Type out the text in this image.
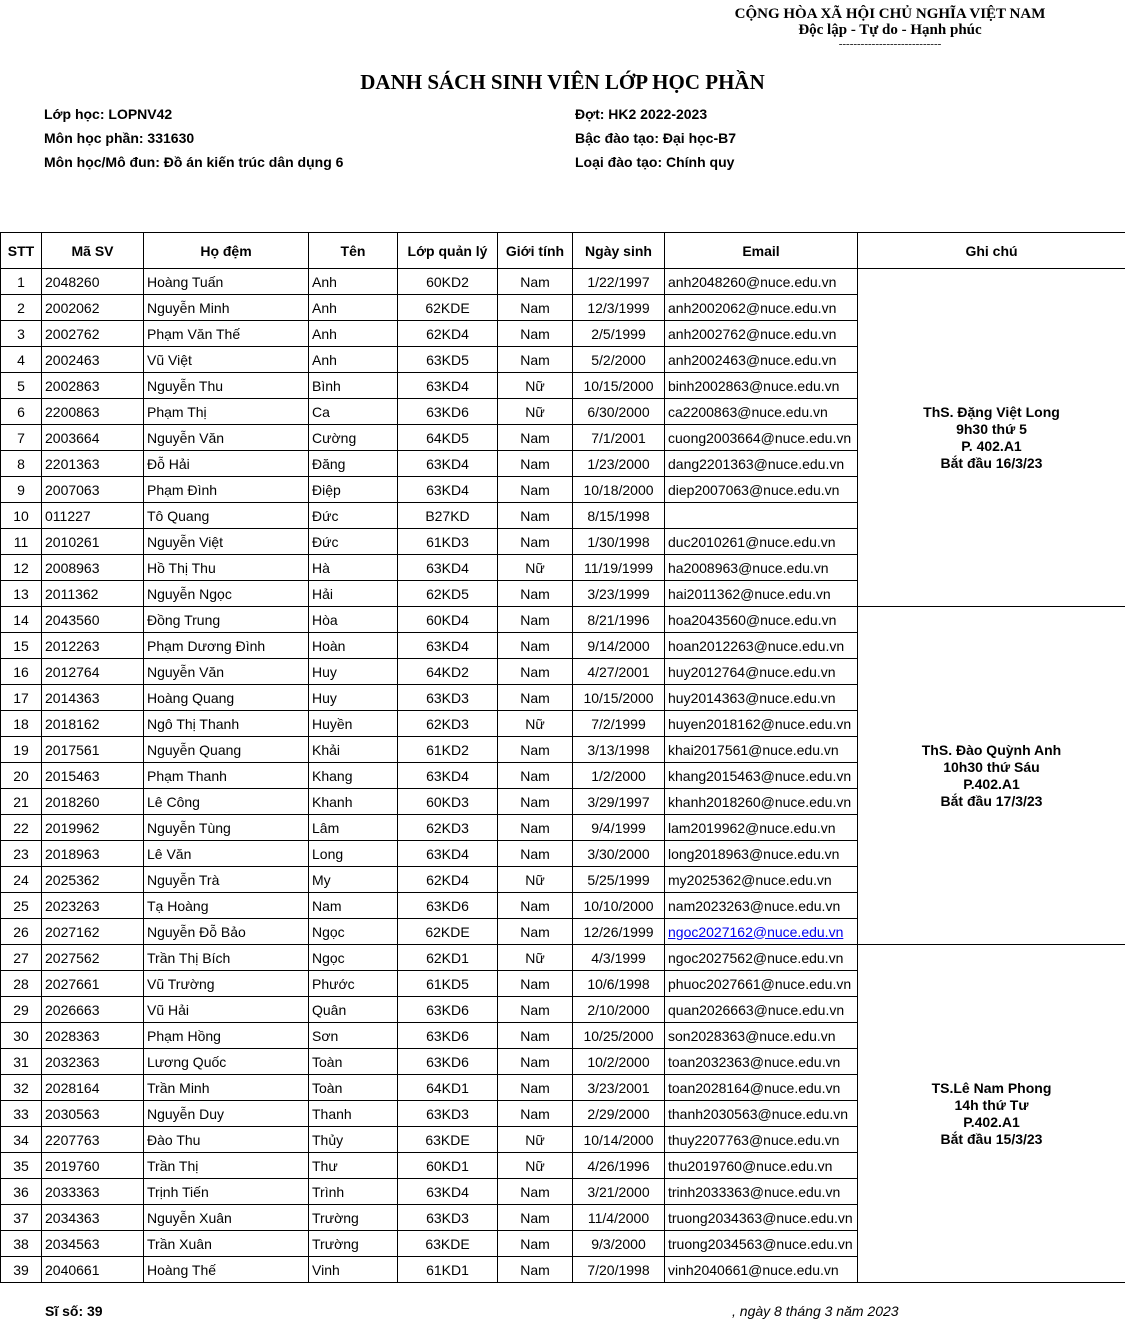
CỘNG HÒA XÃ HỘI CHỦ NGHĨA VIỆT NAM
Độc lập - Tự do - Hạnh phúc
----------------------------
DANH SÁCH SINH VIÊN LỚP HỌC PHẦN
Lớp học: LOPNV42
Môn học phần: 331630
Môn học/Mô đun: Đồ án kiến trúc dân dụng 6
Đợt: HK2 2022-2023
Bậc đào tạo: Đại học-B7
Loại đào tạo: Chính quy
STT	Mã SV	Họ đệm	Tên	Lớp quản lý	Giới tính	Ngày sinh	Email	Ghi chú
1	2048260	Hoàng Tuấn	Anh	60KD2	Nam	1/22/1997	anh2048260@nuce.edu.vn	ThS. Đặng Việt Long
9h30 thứ 5
P. 402.A1
Bắt đầu 16/3/23

2	2002062	Nguyễn Minh	Anh	62KDE	Nam	12/3/1999	anh2002062@nuce.edu.vn	
3	2002762	Phạm Văn Thế	Anh	62KD4	Nam	2/5/1999	anh2002762@nuce.edu.vn	
4	2002463	Vũ Việt	Anh	63KD5	Nam	5/2/2000	anh2002463@nuce.edu.vn	
5	2002863	Nguyễn Thu	Bình	63KD4	Nữ	10/15/2000	binh2002863@nuce.edu.vn	
6	2200863	Phạm Thị	Ca	63KD6	Nữ	6/30/2000	ca2200863@nuce.edu.vn	
7	2003664	Nguyễn Văn	Cường	64KD5	Nam	7/1/2001	cuong2003664@nuce.edu.vn	
8	2201363	Đỗ Hải	Đăng	63KD4	Nam	1/23/2000	dang2201363@nuce.edu.vn	
9	2007063	Phạm Đình	Điệp	63KD4	Nam	10/18/2000	diep2007063@nuce.edu.vn	
10	011227	Tô Quang	Đức	B27KD	Nam	8/15/1998		
11	2010261	Nguyễn Việt	Đức	61KD3	Nam	1/30/1998	duc2010261@nuce.edu.vn	
12	2008963	Hồ Thị Thu	Hà	63KD4	Nữ	11/19/1999	ha2008963@nuce.edu.vn	
13	2011362	Nguyễn Ngọc	Hải	62KD5	Nam	3/23/1999	hai2011362@nuce.edu.vn	
14	2043560	Đồng Trung	Hòa	60KD4	Nam	8/21/1996	hoa2043560@nuce.edu.vn	ThS. Đào Quỳnh Anh
10h30 thứ Sáu
P.402.A1
Bắt đầu 17/3/23

15	2012263	Phạm Dương Đình	Hoàn	63KD4	Nam	9/14/2000	hoan2012263@nuce.edu.vn	
16	2012764	Nguyễn Văn	Huy	64KD2	Nam	4/27/2001	huy2012764@nuce.edu.vn	
17	2014363	Hoàng Quang	Huy	63KD3	Nam	10/15/2000	huy2014363@nuce.edu.vn	
18	2018162	Ngô Thị Thanh	Huyền	62KD3	Nữ	7/2/1999	huyen2018162@nuce.edu.vn	
19	2017561	Nguyễn Quang	Khải	61KD2	Nam	3/13/1998	khai2017561@nuce.edu.vn	
20	2015463	Phạm Thanh	Khang	63KD4	Nam	1/2/2000	khang2015463@nuce.edu.vn	
21	2018260	Lê Công	Khanh	60KD3	Nam	3/29/1997	khanh2018260@nuce.edu.vn	
22	2019962	Nguyễn Tùng	Lâm	62KD3	Nam	9/4/1999	lam2019962@nuce.edu.vn	
23	2018963	Lê Văn	Long	63KD4	Nam	3/30/2000	long2018963@nuce.edu.vn	
24	2025362	Nguyễn Trà	My	62KD4	Nữ	5/25/1999	my2025362@nuce.edu.vn	
25	2023263	Tạ Hoàng	Nam	63KD6	Nam	10/10/2000	nam2023263@nuce.edu.vn	
26	2027162	Nguyễn Đỗ Bảo	Ngọc	62KDE	Nam	12/26/1999	ngoc2027162@nuce.edu.vn	
27	2027562	Trần Thị Bích	Ngọc	62KD1	Nữ	4/3/1999	ngoc2027562@nuce.edu.vn	TS.Lê Nam Phong
14h thứ Tư
P.402.A1
Bắt đầu 15/3/23

28	2027661	Vũ Trường	Phước	61KD5	Nam	10/6/1998	phuoc2027661@nuce.edu.vn	
29	2026663	Vũ Hải	Quân	63KD6	Nam	2/10/2000	quan2026663@nuce.edu.vn	
30	2028363	Phạm Hồng	Sơn	63KD6	Nam	10/25/2000	son2028363@nuce.edu.vn	
31	2032363	Lương Quốc	Toàn	63KD6	Nam	10/2/2000	toan2032363@nuce.edu.vn	
32	2028164	Trần Minh	Toàn	64KD1	Nam	3/23/2001	toan2028164@nuce.edu.vn	
33	2030563	Nguyễn Duy	Thanh	63KD3	Nam	2/29/2000	thanh2030563@nuce.edu.vn	
34	2207763	Đào Thu	Thủy	63KDE	Nữ	10/14/2000	thuy2207763@nuce.edu.vn	
35	2019760	Trần Thị	Thư	60KD1	Nữ	4/26/1996	thu2019760@nuce.edu.vn	
36	2033363	Trịnh Tiến	Trình	63KD4	Nam	3/21/2000	trinh2033363@nuce.edu.vn	
37	2034363	Nguyễn Xuân	Trường	63KD3	Nam	11/4/2000	truong2034363@nuce.edu.vn	
38	2034563	Trần Xuân	Trường	63KDE	Nam	9/3/2000	truong2034563@nuce.edu.vn	
39	2040661	Hoàng Thế	Vinh	61KD1	Nam	7/20/1998	vinh2040661@nuce.edu.vn	
Sĩ số: 39	, ngày 8 tháng 3 năm 2023
